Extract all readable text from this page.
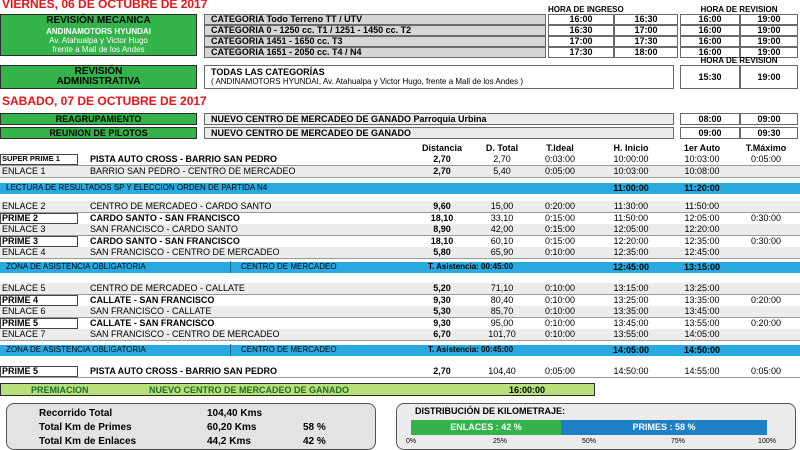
VIERNES, 06 DE OCTUBRE DE 2017	HORA DE INGRESO	HORA DE REVISION
REVISIÓN MECANICA
ANDINAMOTORS HYUNDAI
Av. Atahualpa y Victor Hugo
frente a Mall de los Andes
CATEGORIA Todo Terreno TT / UTV	16:00	16:30	16:00	19:00
CATEGORIA 0 - 1250 cc. T1 / 1251 - 1450 cc. T2	16:30	17:00	16:00	19:00
CATEGORIA 1451 - 1650 cc. T3	17:00	17:30	16:00	19:00
CATEGORIA 1651 - 2050 cc. T4 / N4	17:30	18:00	16:00	19:00
REVISIÓN
ADMINISTRATIVA
TODAS LAS CATEGORÍAS
( ANDINAMOTORS HYUNDAI, Av. Atahualpa y Victor Hugo, frente a Mall de los Andes )
HORA DE REVISION
15:30	19:00
SABADO, 07 DE OCTUBRE DE 2017
REAGRUPAMIENTO	NUEVO CENTRO DE MERCADEO DE GANADO Parroquia Urbina	08:00	09:00
REUNION DE PILOTOS	NUEVO CENTRO DE MERCADEO DE GANADO	09:00	09:30
Distancia	D. Total	T.Ideal	H. Inicio	1er Auto	T.Máximo
SUPER PRIME 1	PISTA AUTO CROSS - BARRIO SAN PEDRO	2,70	2,70	0:03:00	10:00:00	10:03:00	0:05:00
ENLACE 1	BARRIO SAN PEDRO - CENTRO DE MERCADEO	2,70	5,40	0:05:00	10:03:00	10:08:00
LECTURA DE RESULTADOS SP Y ELECCION ORDEN DE PARTIDA N4	11:00:00	11:20:00
ENLACE 2	CENTRO DE MERCADEO - CARDO SANTO	9,60	15,00	0:20:00	11:30:00	11:50:00
PRIME 2	CARDO SANTO - SAN FRANCISCO	18,10	33,10	0:15:00	11:50:00	12:05:00	0:30:00
ENLACE 3	SAN FRANCISCO - CARDO SANTO	8,90	42,00	0:15:00	12:05:00	12:20:00
PRIME 3	CARDO SANTO - SAN FRANCISCO	18,10	60,10	0:15:00	12:20:00	12:35:00	0:30:00
ENLACE 4	SAN FRANCISCO - CENTRO DE MERCADEO	5,80	65,90	0:10:00	12:35:00	12:45:00
ZONA DE ASISTENCIA OBLIGATORIA	CENTRO DE MERCADEO	T. Asistencia: 00:45:00	12:45:00	13:15:00
ENLACE 5	CENTRO DE MERCADEO - CALLATE	5,20	71,10	0:10:00	13:15:00	13:25:00
PRIME 4	CALLATE - SAN FRANCISCO	9,30	80,40	0:10:00	13:25:00	13:35:00	0:20:00
ENLACE 6	SAN FRANCISCO - CALLATE	5,30	85,70	0:10:00	13:35:00	13:45:00
PRIME 5	CALLATE - SAN FRANCISCO	9,30	95,00	0:10:00	13:45:00	13:55:00	0:20:00
ENLACE 7	SAN FRANCISCO - CENTRO DE MERCADEO	6,70	101,70	0:10:00	13:55:00	14:05:00
ZONA DE ASISTENCIA OBLIGATORIA	CENTRO DE MERCADEO	T. Asistencia: 00:45:00	14:05:00	14:50:00
PRIME 5	PISTA AUTO CROSS - BARRIO SAN PEDRO	2,70	104,40	0:05:00	14:50:00	14:55:00	0:05:00
PREMIACION	NUEVO CENTRO DE MERCADEO DE GANADO	16:00:00
Recorrido Total	104,40 Kms
Total Km de Primes	60,20 Kms	58 %
Total Km de Enlaces	44,2 Kms	42 %
DISTRIBUCIÓN DE KILOMETRAJE:
ENLACES : 42 %	PRIMES : 58 %
0%	25%	50%	75%	100%
